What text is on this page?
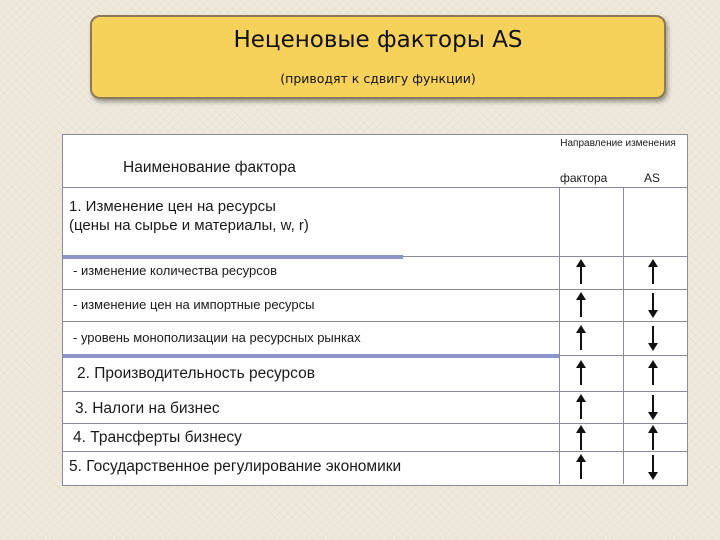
Неценовые факторы AS
(приводят к сдвигу функции)
Наименование фактора
Направление изменения
фактора	AS
1. Изменение цен на ресурсы
(цены на сырье и материалы, w, r)
- изменение количества ресурсов
- изменение цен на импортные ресурсы
- уровень монополизации на ресурсных рынках
2. Производительность ресурсов
3. Налоги на бизнес
4. Трансферты бизнесу
5. Государственное регулирование экономики
